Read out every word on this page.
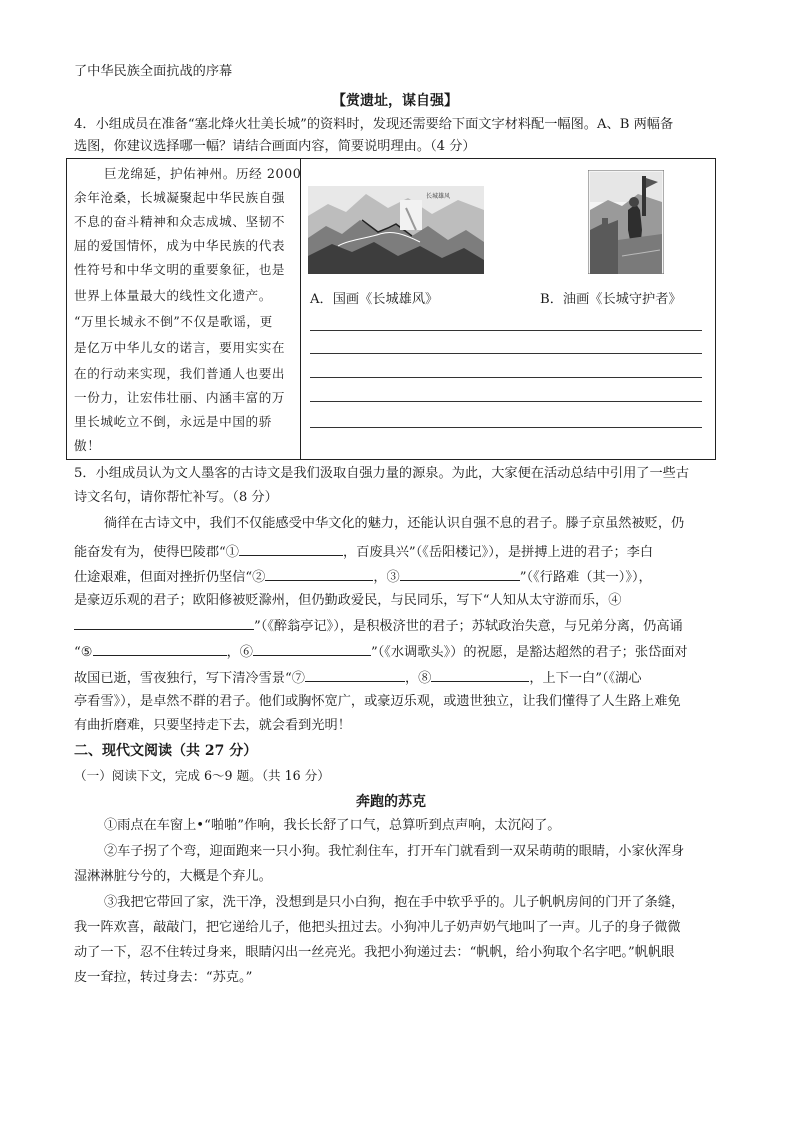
了中华民族全面抗战的序幕
【赏遗址，谋自强】
4．小组成员在准备“塞北烽火壮美长城”的资料时，发现还需要给下面文字材料配一幅图。A、B 两幅备
选图，你建议选择哪一幅？请结合画面内容，简要说明理由。（4 分）
巨龙绵延，护佑神州。历经 2000
余年沧桑，长城凝聚起中华民族自强
不息的奋斗精神和众志成城、坚韧不
屈的爱国情怀，成为中华民族的代表
性符号和中华文明的重要象征，也是
世界上体量最大的线性文化遗产。
“万里长城永不倒”不仅是歌谣，更
是亿万中华儿女的诺言，要用实实在
在的行动来实现，我们普通人也要出
一份力，让宏伟壮丽、内涵丰富的万
里长城屹立不倒，永远是中国的骄
傲！
长城雄风
A．国画《长城雄风》	B．油画《长城守护者》
5．小组成员认为文人墨客的古诗文是我们汲取自强力量的源泉。为此，大家便在活动总结中引用了一些古
诗文名句，请你帮忙补写。（8 分）
徜徉在古诗文中，我们不仅能感受中华文化的魅力，还能认识自强不息的君子。滕子京虽然被贬，仍
能奋发有为，使得巴陵郡“①	，百废具兴”（《岳阳楼记》），是拼搏上进的君子；李白
仕途艰难，但面对挫折仍坚信“②	，③	”（《行路难（其一）》），
是豪迈乐观的君子；欧阳修被贬滁州，但仍勤政爱民，与民同乐，写下“人知从太守游而乐，④
”（《醉翁亭记》），是积极济世的君子；苏轼政治失意，与兄弟分离，仍高诵
“⑤	，⑥	”（《水调歌头》）的祝愿，是豁达超然的君子；张岱面对
故国已逝，雪夜独行，写下清冷雪景“⑦	，⑧	，上下一白”（《湖心
亭看雪》），是卓然不群的君子。他们或胸怀宽广，或豪迈乐观，或遗世独立，让我们懂得了人生路上难免
有曲折磨难，只要坚持走下去，就会看到光明！
二、现代文阅读（共 27 分）
（一）阅读下文，完成 6～9 题。（共 16 分）
奔跑的苏克
①雨点在车窗上•“啪啪”作响，我长长舒了口气，总算听到点声响，太沉闷了。
②车子拐了个弯，迎面跑来一只小狗。我忙刹住车，打开车门就看到一双呆萌萌的眼睛，小家伙浑身
湿淋淋脏兮兮的，大概是个弃儿。
③我把它带回了家，洗干净，没想到是只小白狗，抱在手中软乎乎的。儿子帆帆房间的门开了条缝，
我一阵欢喜，敲敲门，把它递给儿子，他把头扭过去。小狗冲儿子奶声奶气地叫了一声。儿子的身子微微
动了一下，忍不住转过身来，眼睛闪出一丝亮光。我把小狗递过去：“帆帆，给小狗取个名字吧。”帆帆眼
皮一耷拉，转过身去：“苏克。”
